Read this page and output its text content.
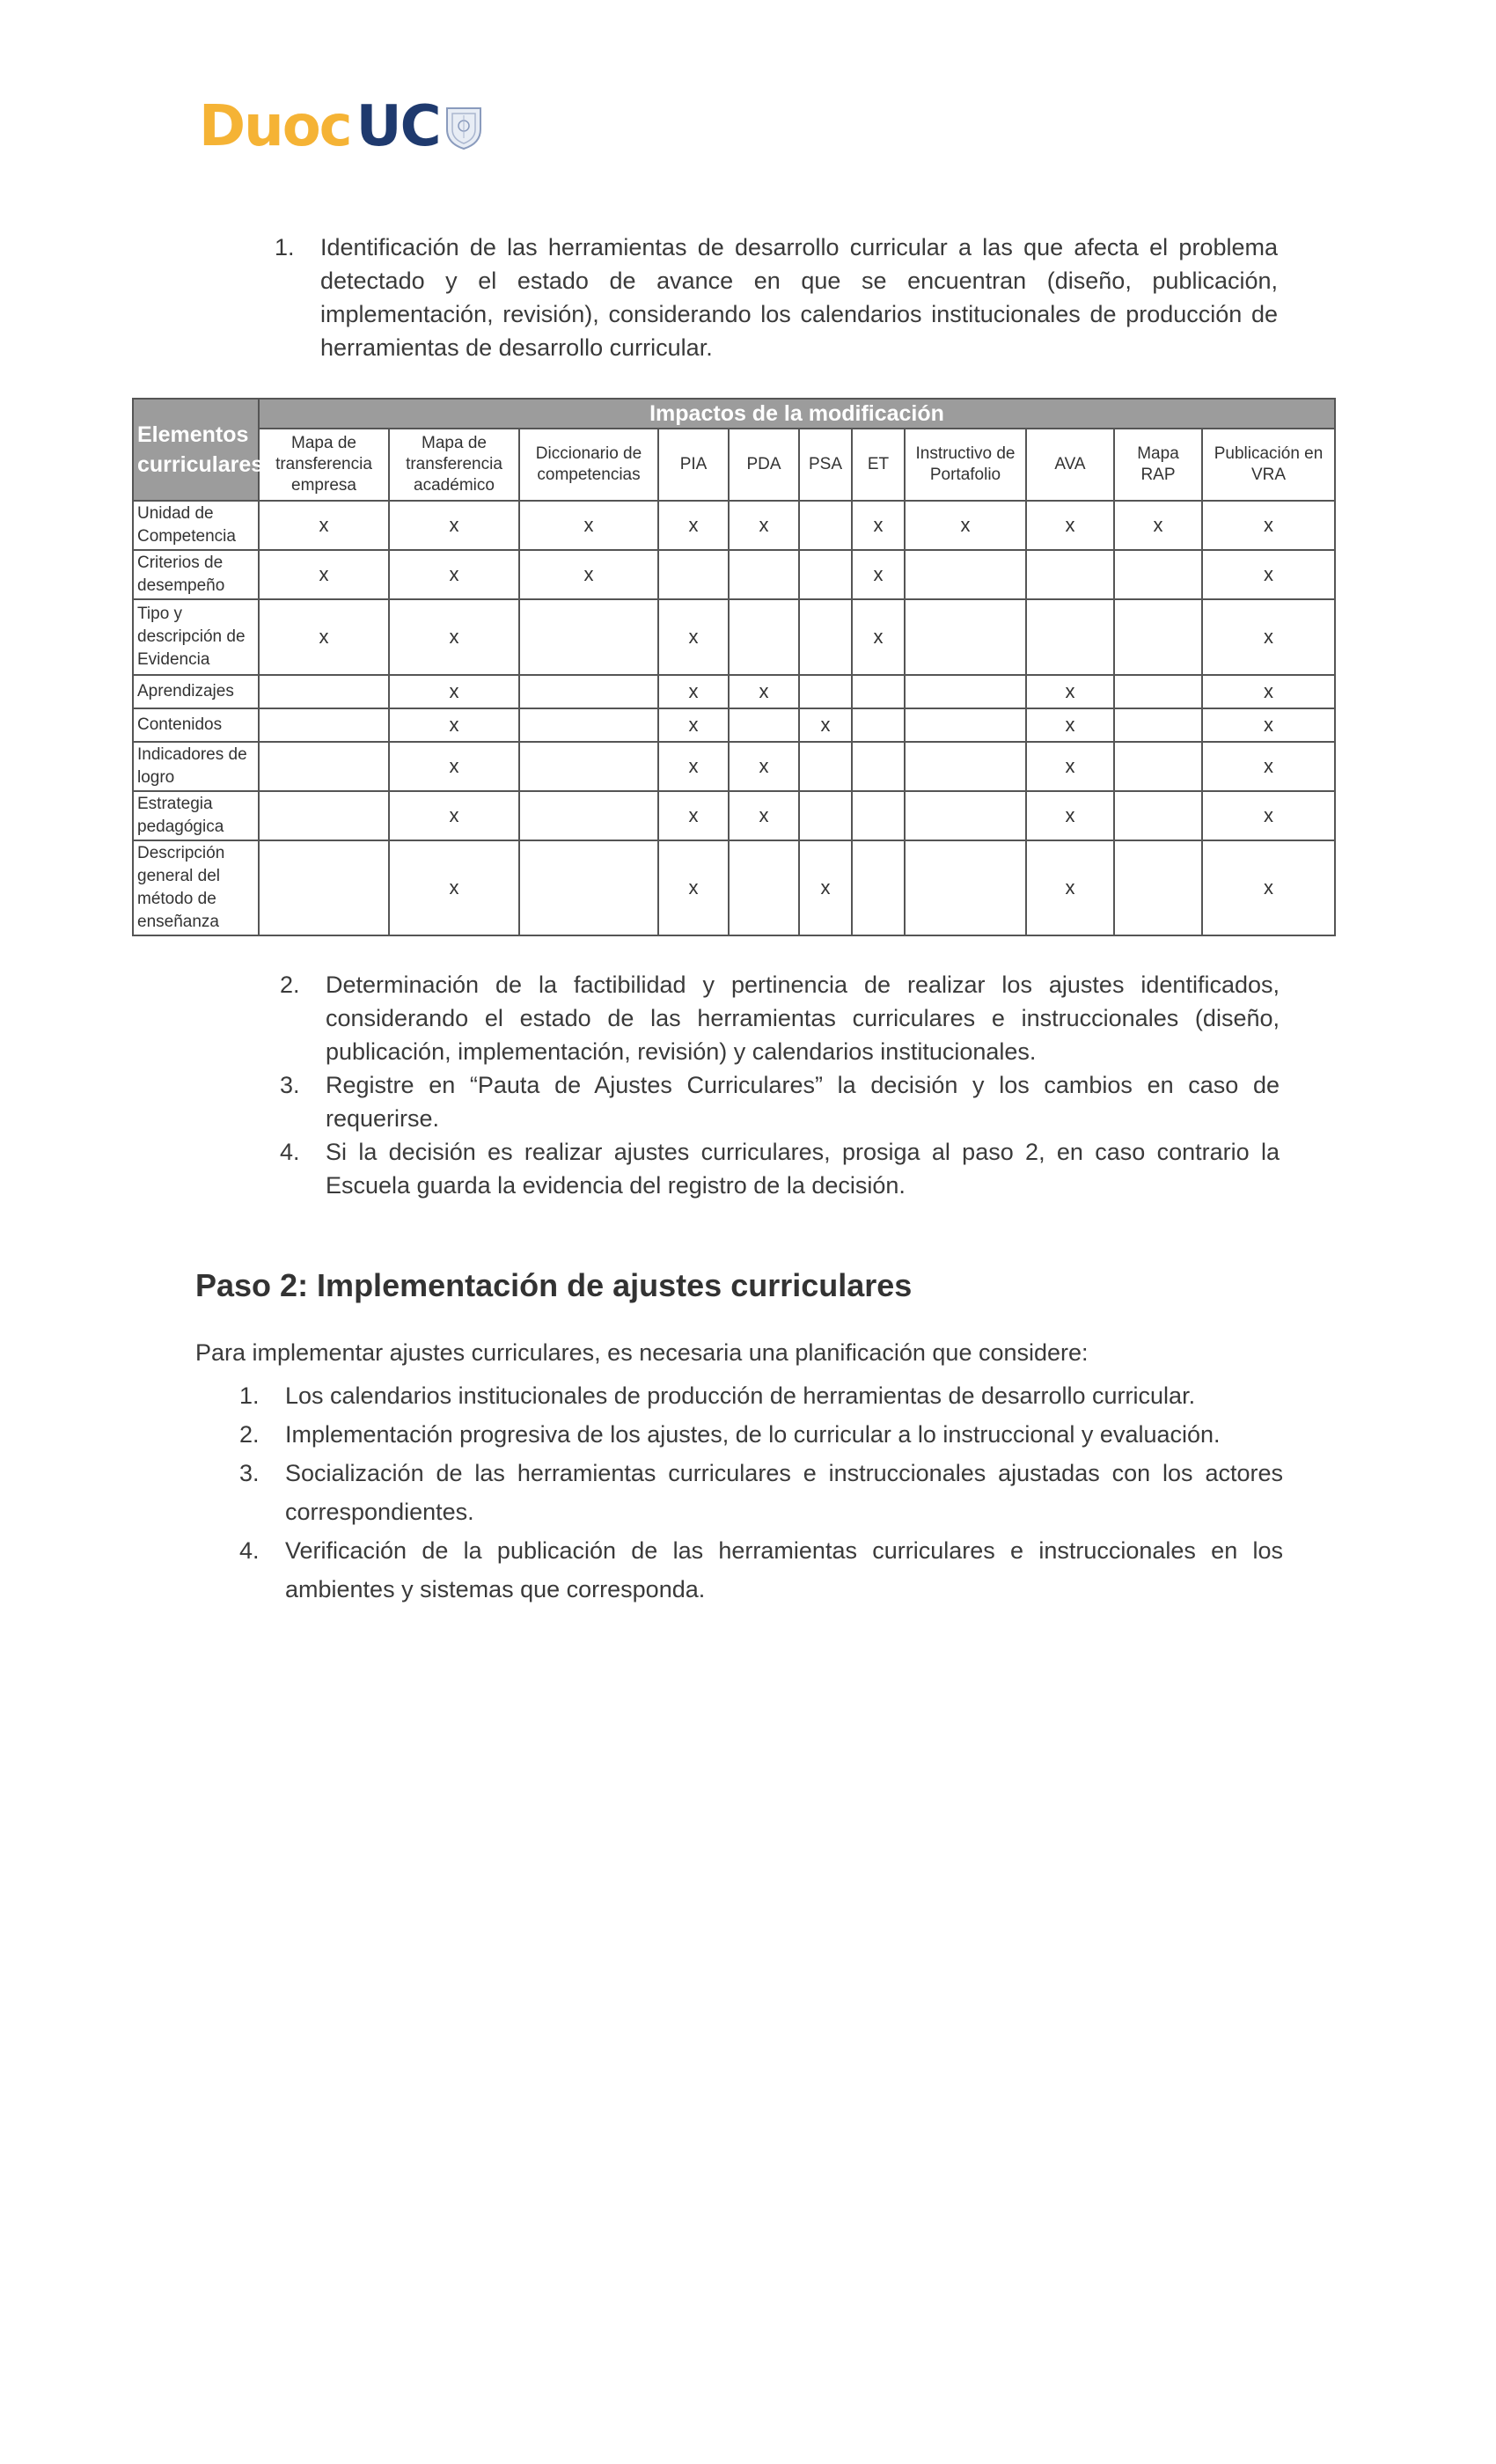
Duoc UC
1. Identificación de las herramientas de desarrollo curricular a las que afecta el problema detectado y el estado de avance en que se encuentran (diseño, publicación, implementación, revisión), considerando los calendarios institucionales de producción de herramientas de desarrollo curricular.
Elementos curriculares	Impactos de la modificación										
	Mapa de transferencia empresa	Mapa de transferencia académico	Diccionario de competencias	PIA	PDA	PSA	ET	Instructivo de Portafolio	AVA	Mapa RAP	Publicación en VRA
Unidad de Competencia	x	x	x	x	x		x	x	x	x	x
Criterios de desempeño	x	x	x				x				x
Tipo y descripción de Evidencia	x	x		x			x				x
Aprendizajes		x		x	x				x		x
Contenidos		x		x		x			x		x
Indicadores de logro		x		x	x				x		x
Estrategia pedagógica		x		x	x				x		x
Descripción general del método de enseñanza		x		x		x			x		x
2. Determinación de la factibilidad y pertinencia de realizar los ajustes identificados, considerando el estado de las herramientas curriculares e instruccionales (diseño, publicación, implementación, revisión) y calendarios institucionales.
3. Registre en “Pauta de Ajustes Curriculares” la decisión y los cambios en caso de requerirse.
4. Si la decisión es realizar ajustes curriculares, prosiga al paso 2, en caso contrario la Escuela guarda la evidencia del registro de la decisión.
Paso 2: Implementación de ajustes curriculares
Para implementar ajustes curriculares, es necesaria una planificación que considere:
1. Los calendarios institucionales de producción de herramientas de desarrollo curricular.
2. Implementación progresiva de los ajustes, de lo curricular a lo instruccional y evaluación.
3. Socialización de las herramientas curriculares e instruccionales ajustadas con los actores correspondientes.
4. Verificación de la publicación de las herramientas curriculares e instruccionales en los ambientes y sistemas que corresponda.
